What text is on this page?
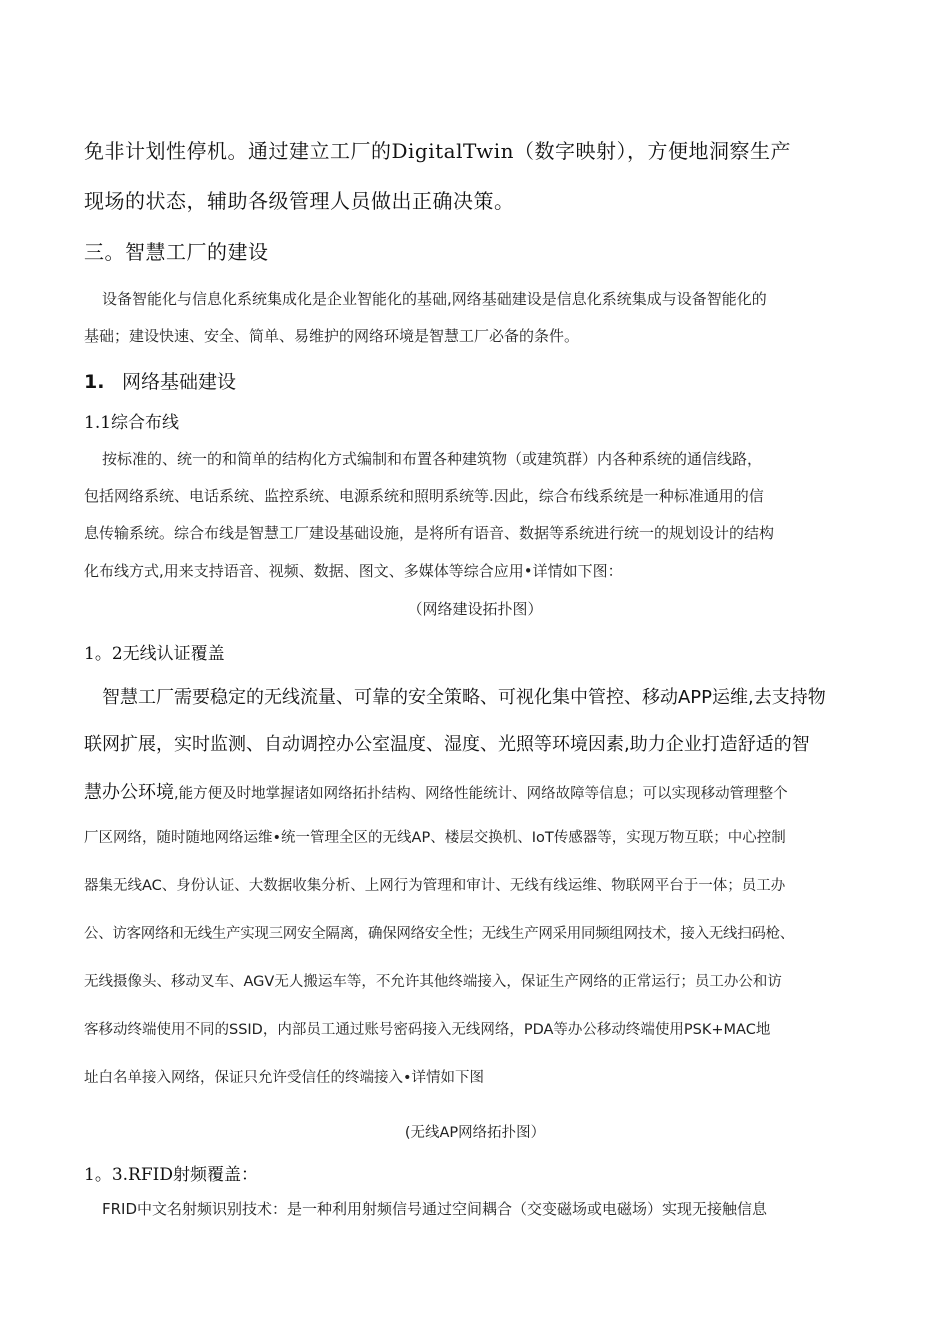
免非计划性停机。通过建立工厂的DigitalTwin（数字映射），方便地洞察生产
现场的状态，辅助各级管理人员做出正确决策。
三。智慧工厂的建设
设备智能化与信息化系统集成化是企业智能化的基础,网络基础建设是信息化系统集成与设备智能化的
基础；建设快速、安全、简单、易维护的网络环境是智慧工厂必备的条件。
1. 网络基础建设
1.1综合布线
按标准的、统一的和简单的结构化方式编制和布置各种建筑物（或建筑群）内各种系统的通信线路，
包括网络系统、电话系统、监控系统、电源系统和照明系统等.因此，综合布线系统是一种标准通用的信
息传输系统。综合布线是智慧工厂建设基础设施，是将所有语音、数据等系统进行统一的规划设计的结构
化布线方式,用来支持语音、视频、数据、图文、多媒体等综合应用•详情如下图：
（网络建设拓扑图）
1。2无线认证覆盖
智慧工厂需要稳定的无线流量、可靠的安全策略、可视化集中管控、移动APP运维,去支持物
联网扩展，实时监测、自动调控办公室温度、湿度、光照等环境因素,助力企业打造舒适的智
慧办公环境,能方便及时地掌握诸如网络拓扑结构、网络性能统计、网络故障等信息；可以实现移动管理整个
厂区网络，随时随地网络运维•统一管理全区的无线AP、楼层交换机、IoT传感器等，实现万物互联；中心控制
器集无线AC、身份认证、大数据收集分析、上网行为管理和审计、无线有线运维、物联网平台于一体；员工办
公、访客网络和无线生产实现三网安全隔离，确保网络安全性；无线生产网采用同频组网技术，接入无线扫码枪、
无线摄像头、移动叉车、AGV无人搬运车等，不允许其他终端接入，保证生产网络的正常运行；员工办公和访
客移动终端使用不同的SSID，内部员工通过账号密码接入无线网络，PDA等办公移动终端使用PSK+MAC地
址白名单接入网络，保证只允许受信任的终端接入•详情如下图
(无线AP网络拓扑图）
1。3.RFID射频覆盖：
FRID中文名射频识别技术：是一种利用射频信号通过空间耦合（交变磁场或电磁场）实现无接触信息
